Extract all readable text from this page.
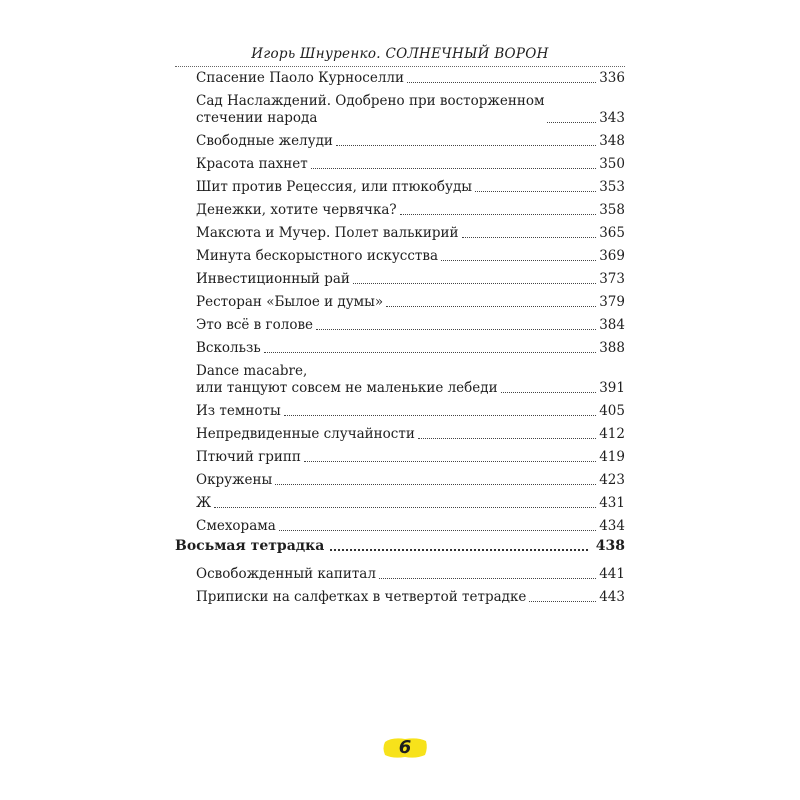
Игорь Шнуренко. СОЛНЕЧНЫЙ ВОРОН
Спасение Паоло Курноселли	336
Сад Наслаждений. Одобрено при восторженном
стечении народа	343
Свободные желуди	348
Красота пахнет	350
Шит против Рецессия, или птюкобуды	353
Денежки, хотите червячка?	358
Максюта и Мучер. Полет валькирий	365
Минута бескорыстного искусства	369
Инвестиционный рай	373
Ресторан «Былое и думы»	379
Это всё в голове	384
Вскользь	388
Dance macabre,
или танцуют совсем не маленькие лебеди	391
Из темноты	405
Непредвиденные случайности	412
Птючий грипп	419
Окружены	423
Ж	431
Смехорама	434
Восьмая тетрадка	438
Освобожденный капитал	441
Приписки на салфетках в четвертой тетрадке	443
6
